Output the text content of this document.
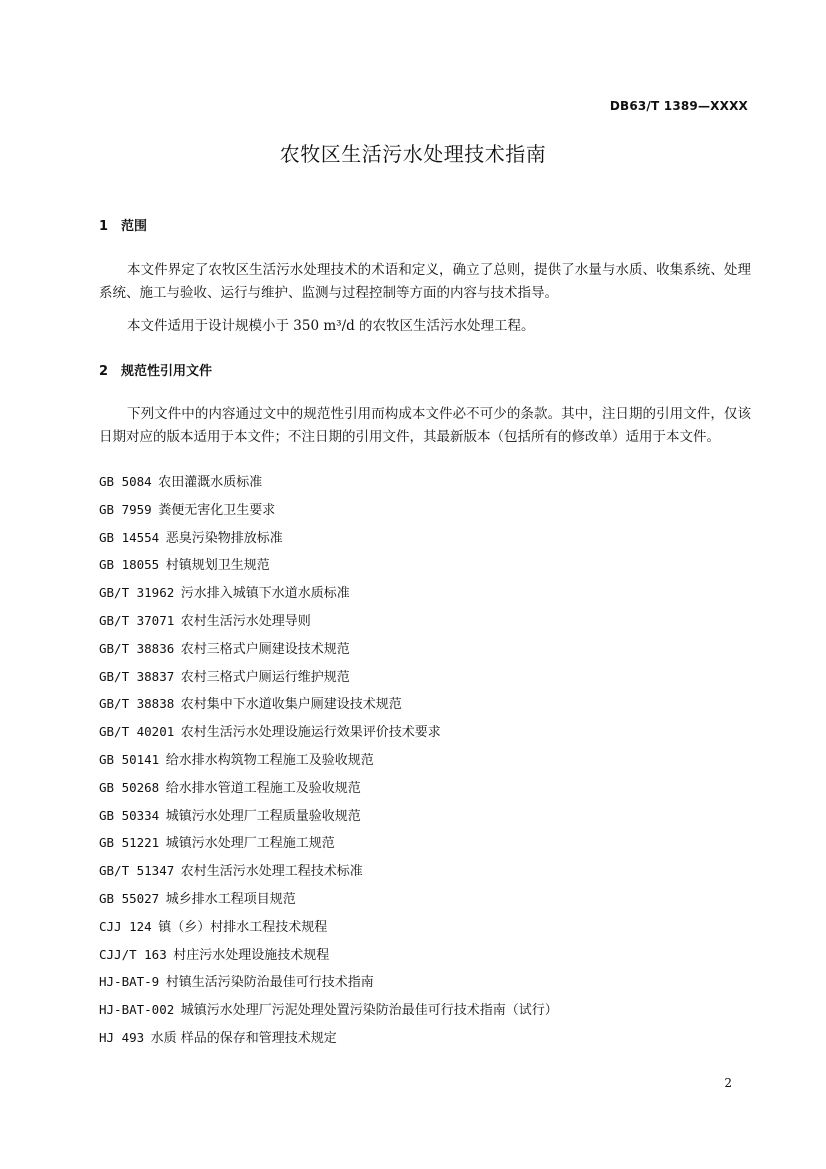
DB63/T 1389—XXXX
农牧区生活污水处理技术指南
1 范围
本文件界定了农牧区生活污水处理技术的术语和定义，确立了总则，提供了水量与水质、收集系统、处理系统、施工与验收、运行与维护、监测与过程控制等方面的内容与技术指导。
本文件适用于设计规模小于 350 m³/d 的农牧区生活污水处理工程。
2 规范性引用文件
下列文件中的内容通过文中的规范性引用而构成本文件必不可少的条款。其中，注日期的引用文件，仅该日期对应的版本适用于本文件；不注日期的引用文件，其最新版本（包括所有的修改单）适用于本文件。
GB 5084  农田灌溉水质标准
GB 7959  粪便无害化卫生要求
GB 14554  恶臭污染物排放标准
GB 18055  村镇规划卫生规范
GB/T 31962  污水排入城镇下水道水质标准
GB/T 37071  农村生活污水处理导则
GB/T 38836  农村三格式户厕建设技术规范
GB/T 38837  农村三格式户厕运行维护规范
GB/T 38838  农村集中下水道收集户厕建设技术规范
GB/T 40201  农村生活污水处理设施运行效果评价技术要求
GB 50141  给水排水构筑物工程施工及验收规范
GB 50268  给水排水管道工程施工及验收规范
GB 50334  城镇污水处理厂工程质量验收规范
GB 51221  城镇污水处理厂工程施工规范
GB/T 51347  农村生活污水处理工程技术标准
GB 55027  城乡排水工程项目规范
CJJ 124  镇（乡）村排水工程技术规程
CJJ/T 163  村庄污水处理设施技术规程
HJ-BAT-9  村镇生活污染防治最佳可行技术指南
HJ-BAT-002  城镇污水处理厂污泥处理处置污染防治最佳可行技术指南（试行）
HJ 493  水质 样品的保存和管理技术规定
2
